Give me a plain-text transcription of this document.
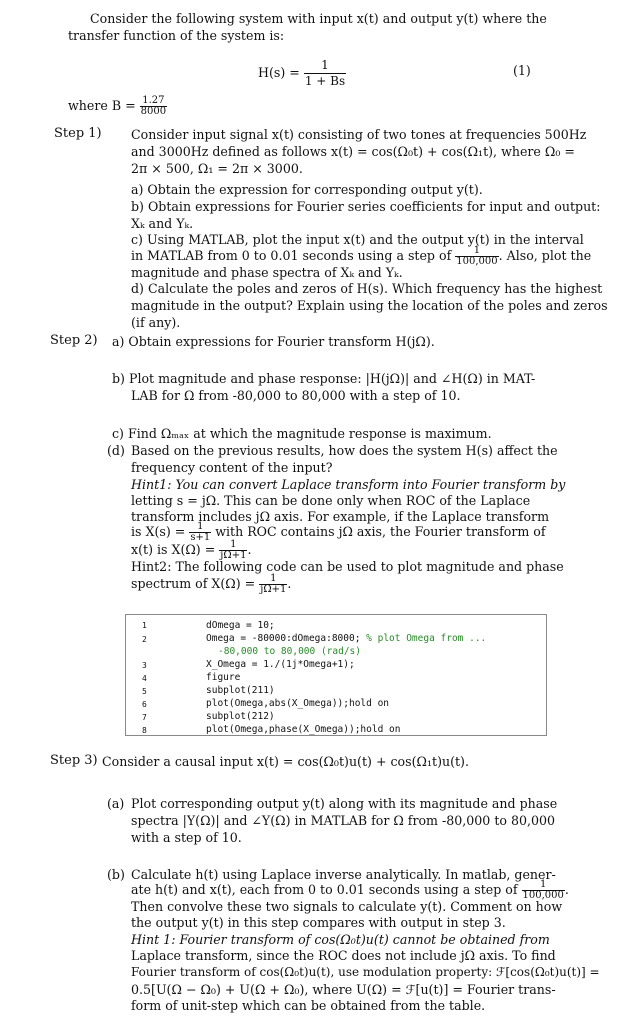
Consider the following system with input x(t) and output y(t) where the
transfer function of the system is:
$H(s) = \frac{1}{1 + Bs}$	(1)
where $B = \frac{1.27}{8000}$
Step 1) Consider input signal x(t) consisting of two tones at frequencies 500Hz
and 3000Hz defined as follows x(t) = cos(Ω₀t) + cos(Ω₁t), where Ω₀ =
2π × 500, Ω₁ = 2π × 3000.
a) Obtain the expression for corresponding output y(t).
b) Obtain expressions for Fourier series coefficients for input and output:
Xₖ and Yₖ.
c) Using MATLAB, plot the input x(t) and the output y(t) in the interval
in MATLAB from 0 to 0.01 seconds using a step of $\frac{1}{100,000}$ . Also, plot the
magnitude and phase spectra of Xₖ and Yₖ.
d) Calculate the poles and zeros of H(s). Which frequency has the highest
magnitude in the output? Explain using the location of the poles and zeros
(if any).
Step 2) a) Obtain expressions for Fourier transform H(jΩ).
b) Plot magnitude and phase response: |H(jΩ)| and ∠H(Ω) in MAT-
LAB for Ω from -80,000 to 80,000 with a step of 10.
c) Find Ωₘₐₓ at which the magnitude response is maximum.
(d) Based on the previous results, how does the system H(s) affect the
frequency content of the input?
Hint1: You can convert Laplace transform into Fourier transform by
letting s = jΩ. This can be done only when ROC of the Laplace
transform includes jΩ axis. For example, if the Laplace transform
is $X(s) = \frac{1}{s+1}$ with ROC contains jΩ axis, the Fourier transform of
x(t) is $X(\Omega) = \frac{1}{j\Omega+1}$ .
Hint2: The following code can be used to plot magnitude and phase
spectrum of $X(\Omega) = \frac{1}{j\Omega+1}$ .
1
2
3
4
5
6
7
8
dOmega = 10;
Omega = -80000:dOmega:8000; % plot Omega from ...
-80,000 to 80,000 (rad/s)
X_Omega = 1./(1j*Omega+1);
figure
subplot(211)
plot(Omega,abs(X_Omega));hold on
subplot(212)
plot(Omega,phase(X_Omega));hold on
Step 3) Consider a causal input x(t) = cos(Ω₀t)u(t) + cos(Ω₁t)u(t).
(a) Plot corresponding output y(t) along with its magnitude and phase
spectra |Y(Ω)| and ∠Y(Ω) in MATLAB for Ω from -80,000 to 80,000
with a step of 10.
(b) Calculate h(t) using Laplace inverse analytically. In matlab, gener-
ate h(t) and x(t), each from 0 to 0.01 seconds using a step of $\frac{1}{100,000}$ .
Then convolve these two signals to calculate y(t). Comment on how
the output y(t) in this step compares with output in step 3.
Hint 1: Fourier transform of cos(Ω₀t)u(t) cannot be obtained from
Laplace transform, since the ROC does not include jΩ axis. To find
Fourier transform of cos(Ω₀t)u(t), use modulation property: ℱ[cos(Ω₀t)u(t)] =
0.5[U(Ω − Ω₀) + U(Ω + Ω₀), where U(Ω) = ℱ[u(t)] = Fourier trans-
form of unit-step which can be obtained from the table.
